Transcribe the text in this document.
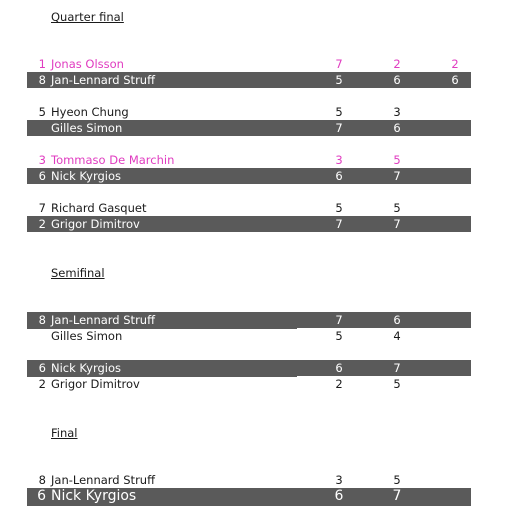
Quarter final
1 Jonas Olsson	7	2	2
8 Jan-Lennard Struff	5	6	6
5 Hyeon Chung	5	3
Gilles Simon	7	6
3 Tommaso De Marchin	3	5
6 Nick Kyrgios	6	7
7 Richard Gasquet	5	5
2 Grigor Dimitrov	7	7
Semifinal
8 Jan-Lennard Struff	7	6
Gilles Simon	5	4
6 Nick Kyrgios	6	7
2 Grigor Dimitrov	2	5
Final
8 Jan-Lennard Struff	3	5
6 Nick Kyrgios	6	7
